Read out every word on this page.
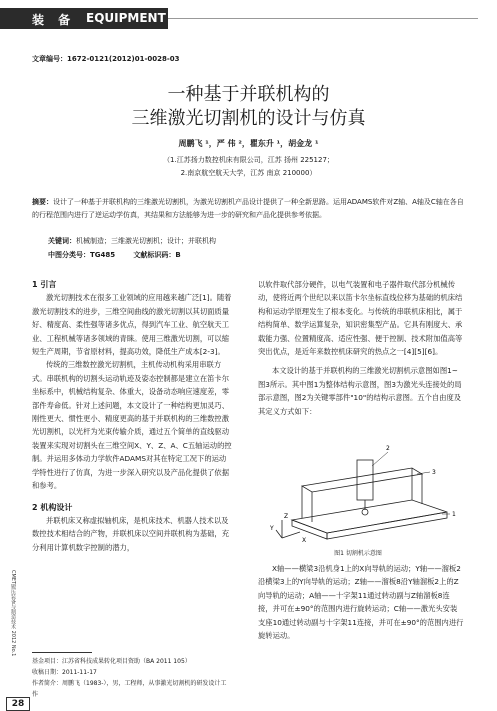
装 备 EQUIPMENT
文章编号：1672-0121(2012)01-0028-03
一种基于并联机构的
三维激光切割机的设计与仿真
周鹏飞 ¹，严 伟 ²，瞿东升 ¹，胡金龙 ¹
（1.江苏扬力数控机床有限公司，江苏 扬州 225127；
2.南京航空航天大学，江苏 南京 210000）
摘要：设计了一种基于并联机构的三维激光切割机，为激光切割机产品设计提供了一种全新思路。运用ADAMS软件对Z轴、A轴及C轴在各自的行程范围内进行了逆运动学仿真，其结果和方法能够为进一步的研究和产品化提供参考依据。
关键词：机械制造；三维激光切割机；设计；并联机构
中图分类号：TG485	文献标识码：B

1 引言

激光切割技术在很多工业领域的应用越来越广泛[1]。随着激光切割技术的进步，三维空间曲线的激光切割以其切面质量好、精度高、柔性强等诸多优点，得到汽车工业、航空航天工业、工程机械等诸多领域的青睐。使用三维激光切割，可以缩短生产周期，节省原材料，提高功效，降低生产成本[2-3]。

传统的三维数控激光切割机，主机传动机构采用串联方式。串联机构的切割头运动轨迹及姿态控制都是建立在笛卡尔坐标系中，机械结构复杂、体重大，设备动态响应速度差，零部件寿命低。针对上述问题，本文设计了一种结构更加灵巧、刚性更大、惯性更小、精度更高的基于并联机构的三维数控激光切割机，以光杆为光束传输介质，通过五个简单的直线驱动装置来实现对切割头在三维空间X、Y、Z、A、C五轴运动的控制。并运用多体动力学软件ADAMS对其在特定工况下的运动学特性进行了仿真，为进一步深入研究以及产品化提供了依据和参考。

2 机构设计

并联机床又称虚拟轴机床，是机床技术、机器人技术以及数控技术相结合的产物，并联机床以空间并联机构为基础，充分利用计算机数字控制的潜力，

以软件取代部分硬件，以电气装置和电子器件取代部分机械传动，使将近两个世纪以来以笛卡尔坐标直线位移为基础的机床结构和运动学原理发生了根本变化。与传统的串联机床相比，属于结构简单、数学运算复杂，知识密集型产品。它具有刚度大、承载能力强、位置精度高、适应性强、便于控制、技术附加值高等突出优点，是近年来数控机床研究的热点之一[4][5][6]。

本文设计的基于并联机构的三维激光切割机示意图如图1~图3所示。其中图1为整体结构示意图，图3为激光头连接处的局部示意图，图2为关键零部件"10"的结构示意图。五个自由度及其定义方式如下：

X
Y
Z
2
3
1
图1 切割机示意图

X轴——横梁3沿机身1上的X向导轨的运动；Y轴——溜板2沿横梁3上的Y向导轨的运动；Z轴——溜板8沿Y轴溜板2上的Z向导轨的运动；A轴——十字架11通过转动副与Z轴溜板8连接，并可在±90°的范围内进行旋转运动；C轴——激光头安装支座10通过转动副与十字架11连接，并可在±90°的范围内进行旋转运动。

CMET锻压装备与制造技术 2012 No.1
基金项目：江苏省科技成果转化项目资助（BA 2011 105）
收稿日期：2011-11-17
作者简介：周鹏飞（1983-），男，工程师，从事激光切割机的研发设计工作
28
